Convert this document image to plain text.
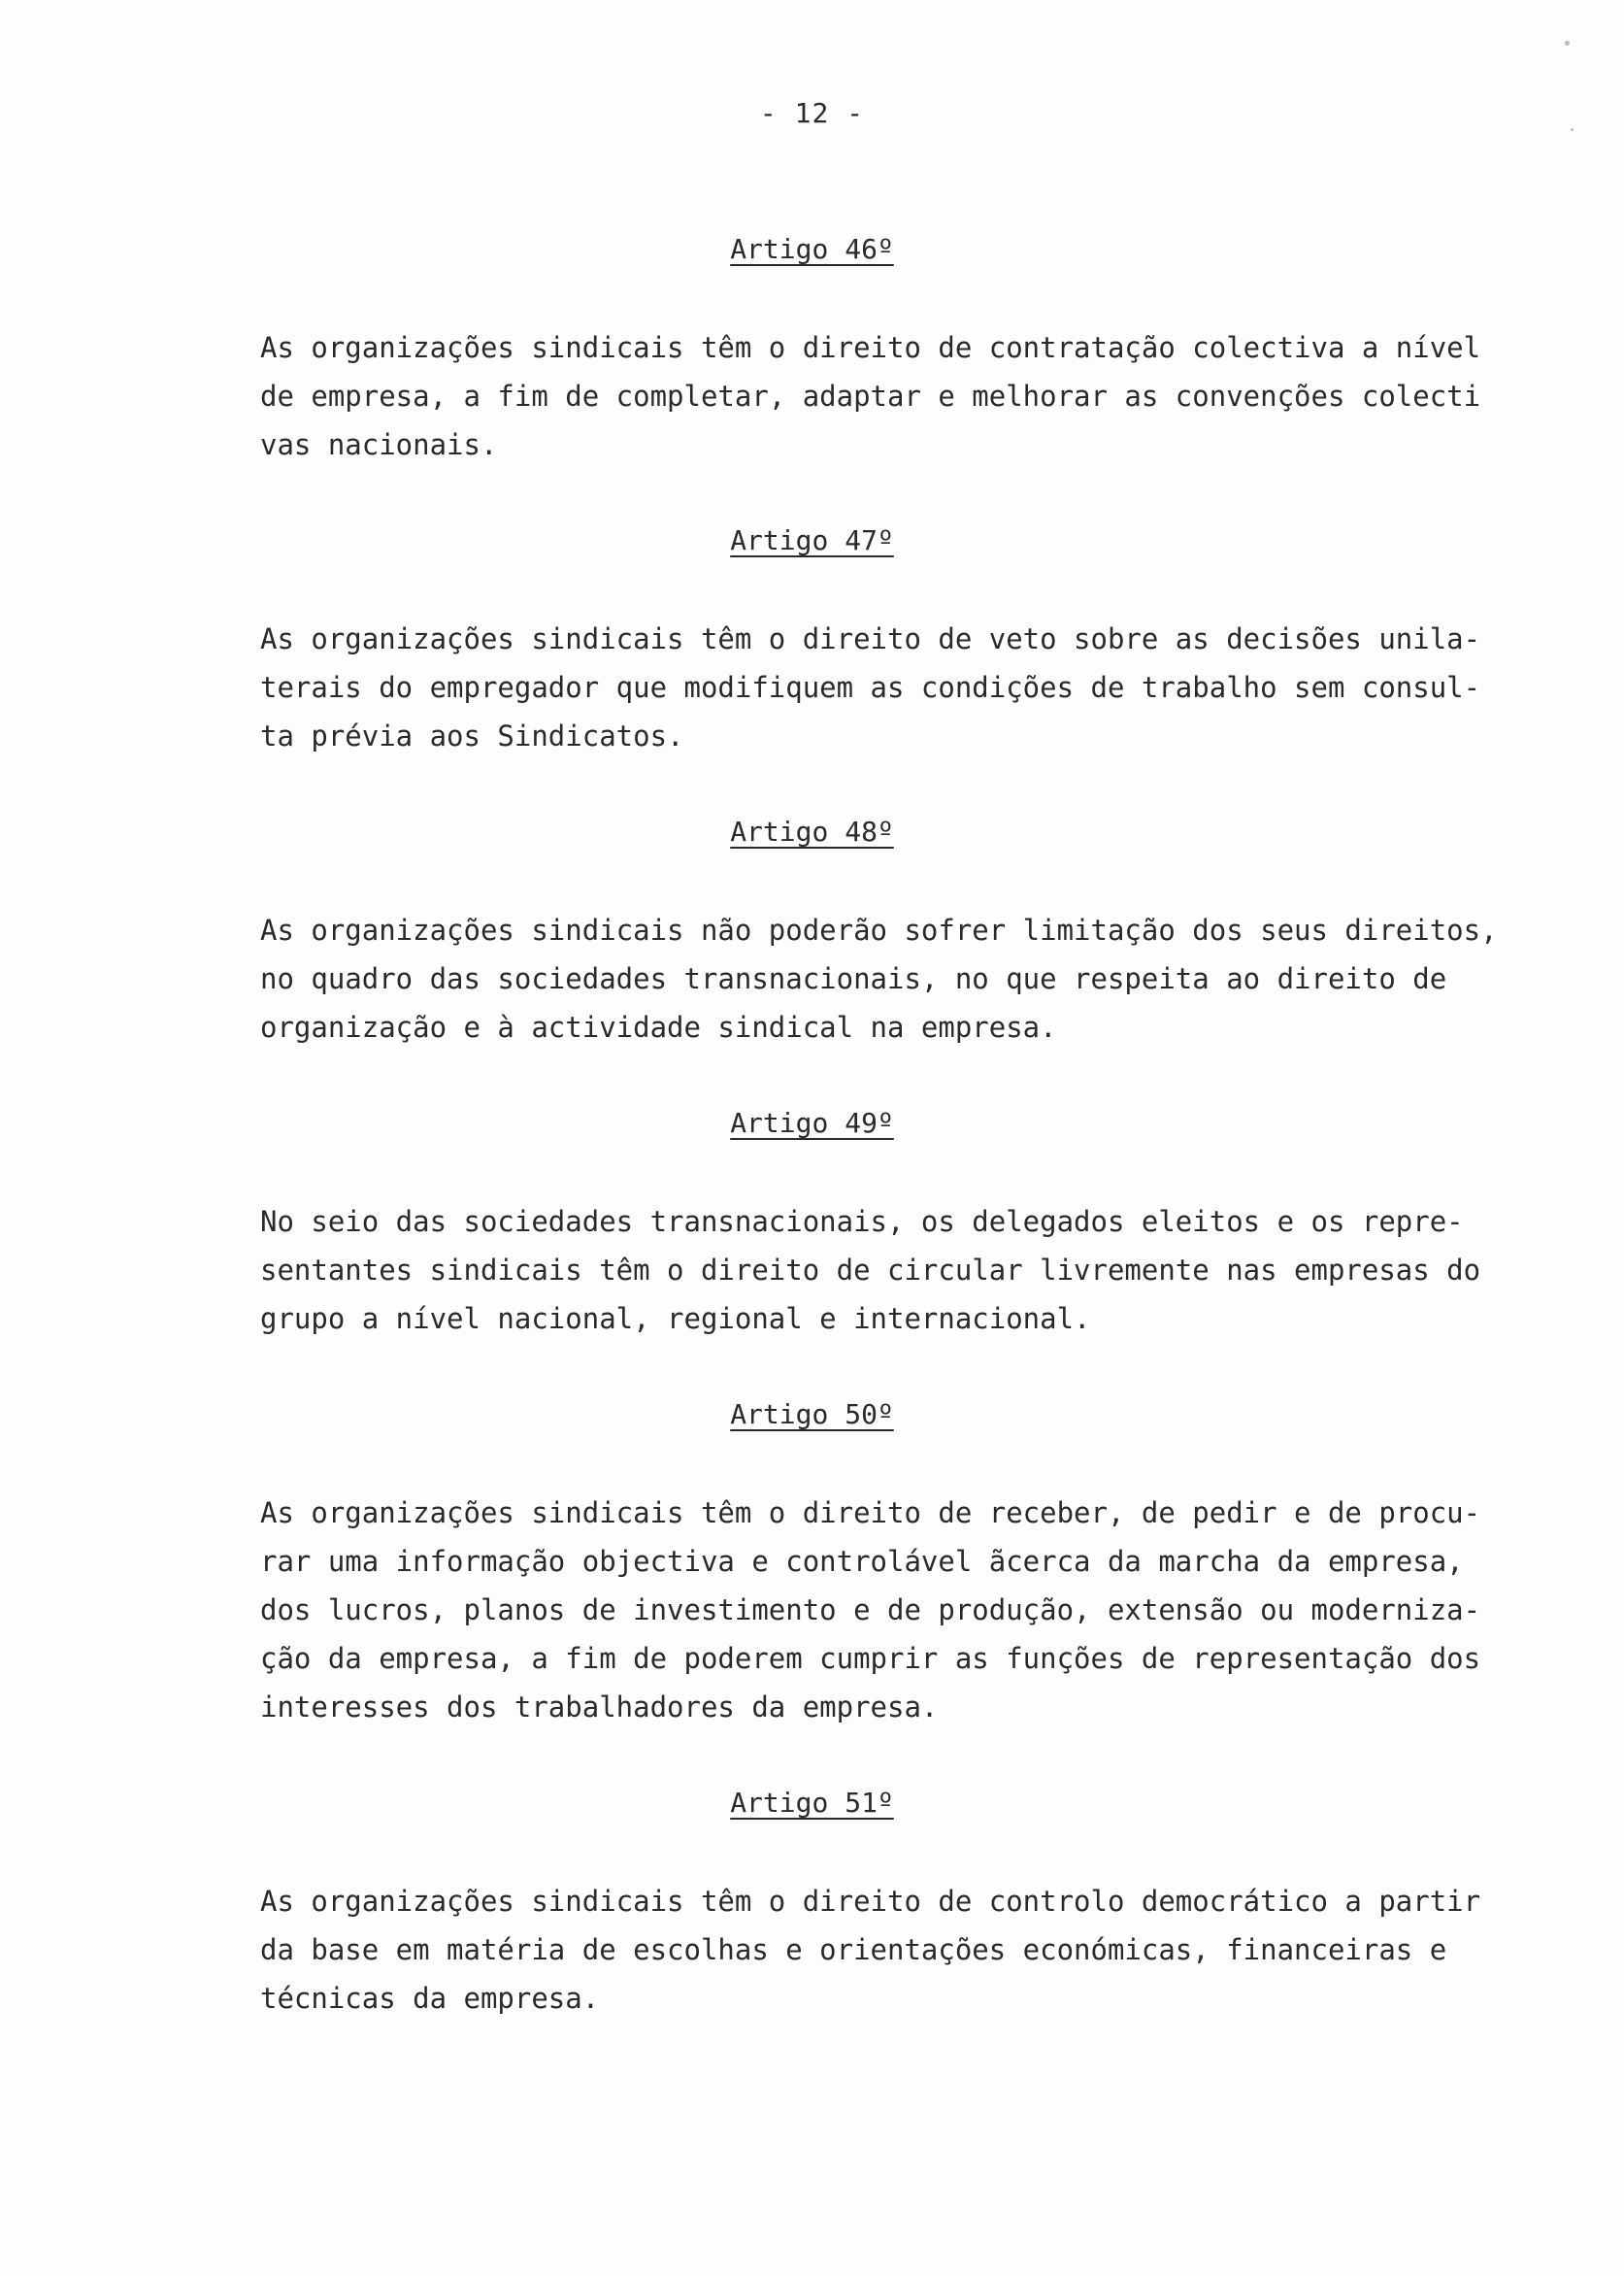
- 12 -
Artigo 46º
As organizações sindicais têm o direito de contratação colectiva a nível
de empresa, a fim de completar, adaptar e melhorar as convenções colecti
vas nacionais.
Artigo 47º
As organizações sindicais têm o direito de veto sobre as decisões unila-
terais do empregador que modifiquem as condições de trabalho sem consul-
ta prévia aos Sindicatos.
Artigo 48º
As organizações sindicais não poderão sofrer limitação dos seus direitos,
no quadro das sociedades transnacionais, no que respeita ao direito de
organização e à actividade sindical na empresa.
Artigo 49º
No seio das sociedades transnacionais, os delegados eleitos e os repre-
sentantes sindicais têm o direito de circular livremente nas empresas do
grupo a nível nacional, regional e internacional.
Artigo 50º
As organizações sindicais têm o direito de receber, de pedir e de procu-
rar uma informação objectiva e controlável ãcerca da marcha da empresa,
dos lucros, planos de investimento e de produção, extensão ou moderniza-
ção da empresa, a fim de poderem cumprir as funções de representação dos
interesses dos trabalhadores da empresa.
Artigo 51º
As organizações sindicais têm o direito de controlo democrático a partir
da base em matéria de escolhas e orientações económicas, financeiras e
técnicas da empresa.
